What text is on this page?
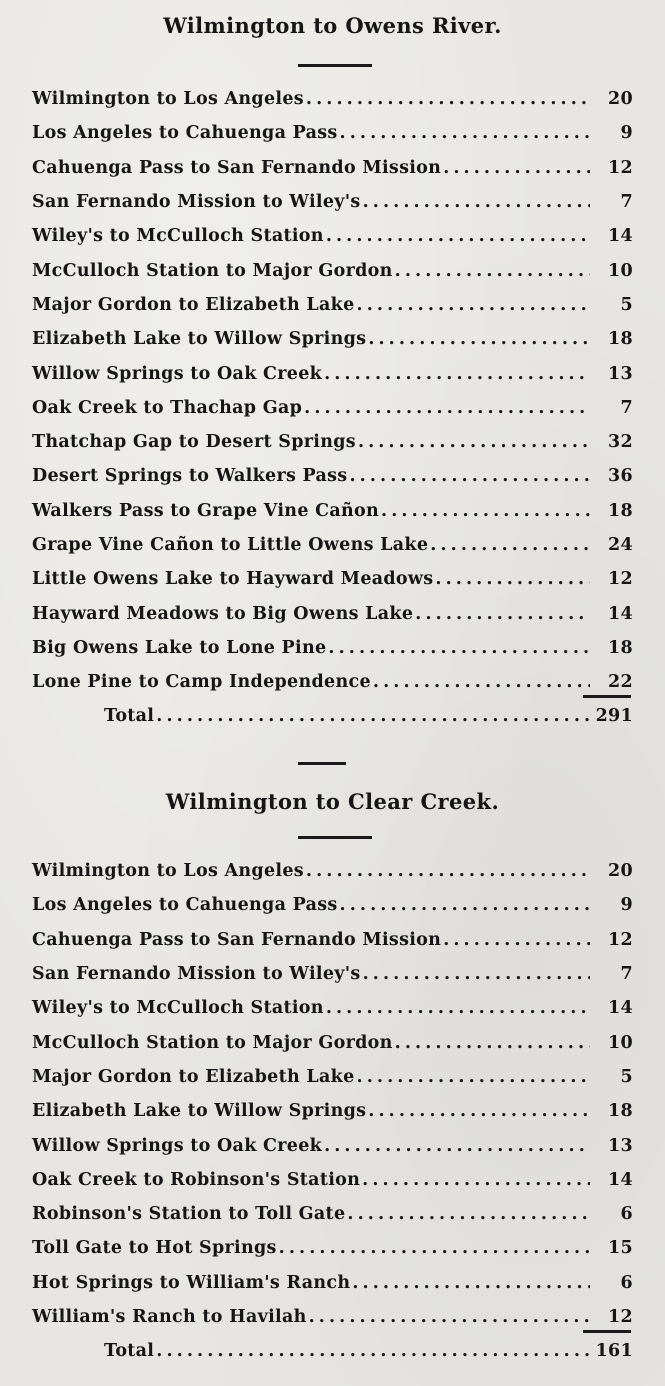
Wilmington to Owens River.
Wilmington to Los Angeles . . .	20
Los Angeles to Cahuenga Pass . . .	9
Cahuenga Pass to San Fernando Mission . . .	12
San Fernando Mission to Wiley's . . .	7
Wiley's to McCulloch Station . . .	14
McCulloch Station to Major Gordon . . .	10
Major Gordon to Elizabeth Lake . . .	5
Elizabeth Lake to Willow Springs . . .	18
Willow Springs to Oak Creek . . .	13
Oak Creek to Thachap Gap . . .	7
Thatchap Gap to Desert Springs . . .	32
Desert Springs to Walkers Pass . . .	36
Walkers Pass to Grape Vine Cañon . . .	18
Grape Vine Cañon to Little Owens Lake . . .	24
Little Owens Lake to Hayward Meadows . . .	12
Hayward Meadows to Big Owens Lake . . .	14
Big Owens Lake to Lone Pine . . .	18
Lone Pine to Camp Independence . . .	22
Total . . .	291
Wilmington to Clear Creek.
Wilmington to Los Angeles . . .	20
Los Angeles to Cahuenga Pass . . .	9
Cahuenga Pass to San Fernando Mission . . .	12
San Fernando Mission to Wiley's . . .	7
Wiley's to McCulloch Station . . .	14
McCulloch Station to Major Gordon . . .	10
Major Gordon to Elizabeth Lake . . .	5
Elizabeth Lake to Willow Springs . . .	18
Willow Springs to Oak Creek . . .	13
Oak Creek to Robinson's Station . . .	14
Robinson's Station to Toll Gate . . .	6
Toll Gate to Hot Springs . . .	15
Hot Springs to William's Ranch . . .	6
William's Ranch to Havilah . . .	12
Total . . .	161
